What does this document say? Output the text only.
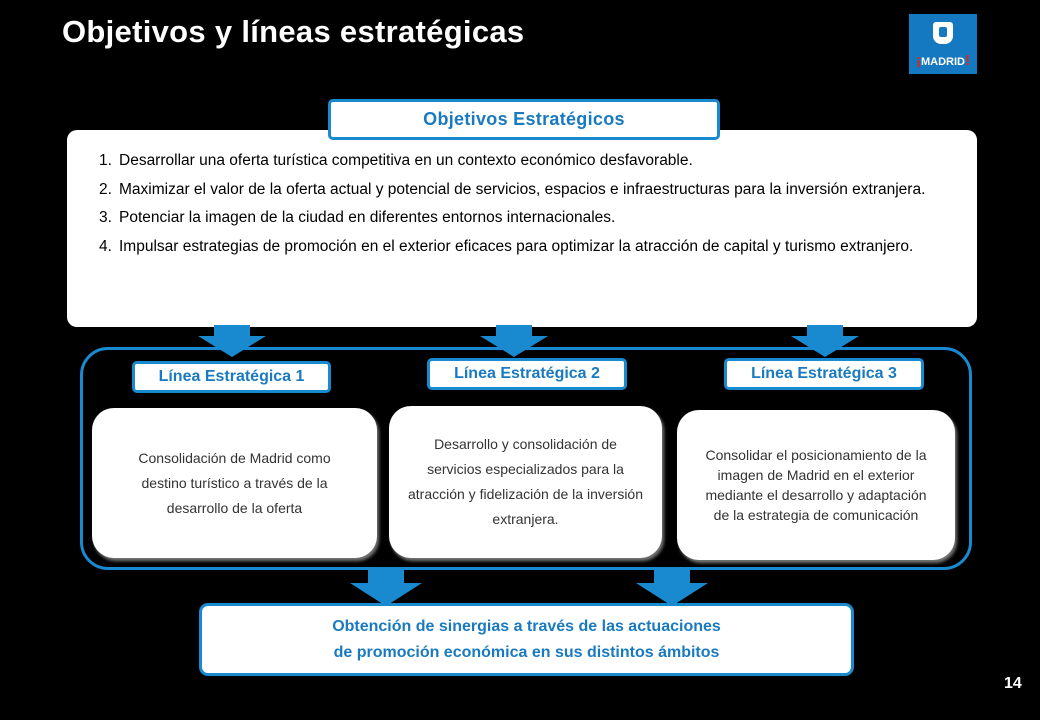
Objetivos y líneas estratégicas
¡MADRID!
1. Desarrollar una oferta turística competitiva en un contexto económico desfavorable.
2. Maximizar el valor de la oferta actual y potencial de servicios, espacios e infraestructuras para la inversión extranjera.
3. Potenciar la imagen de la ciudad en diferentes entornos internacionales.
4. Impulsar estrategias de promoción en el exterior eficaces para optimizar la atracción de capital y turismo extranjero.
Objetivos Estratégicos
Línea Estratégica 1	Línea Estratégica 2	Línea Estratégica 3
Consolidación de Madrid como destino turístico a través de la desarrollo de la oferta
Desarrollo y consolidación de servicios especializados para la atracción y fidelización de la inversión extranjera.
Consolidar el posicionamiento de la imagen de Madrid en el exterior mediante el desarrollo y adaptación de la estrategia de comunicación
Obtención de sinergias a través de las actuaciones
de promoción económica en sus distintos ámbitos
14
